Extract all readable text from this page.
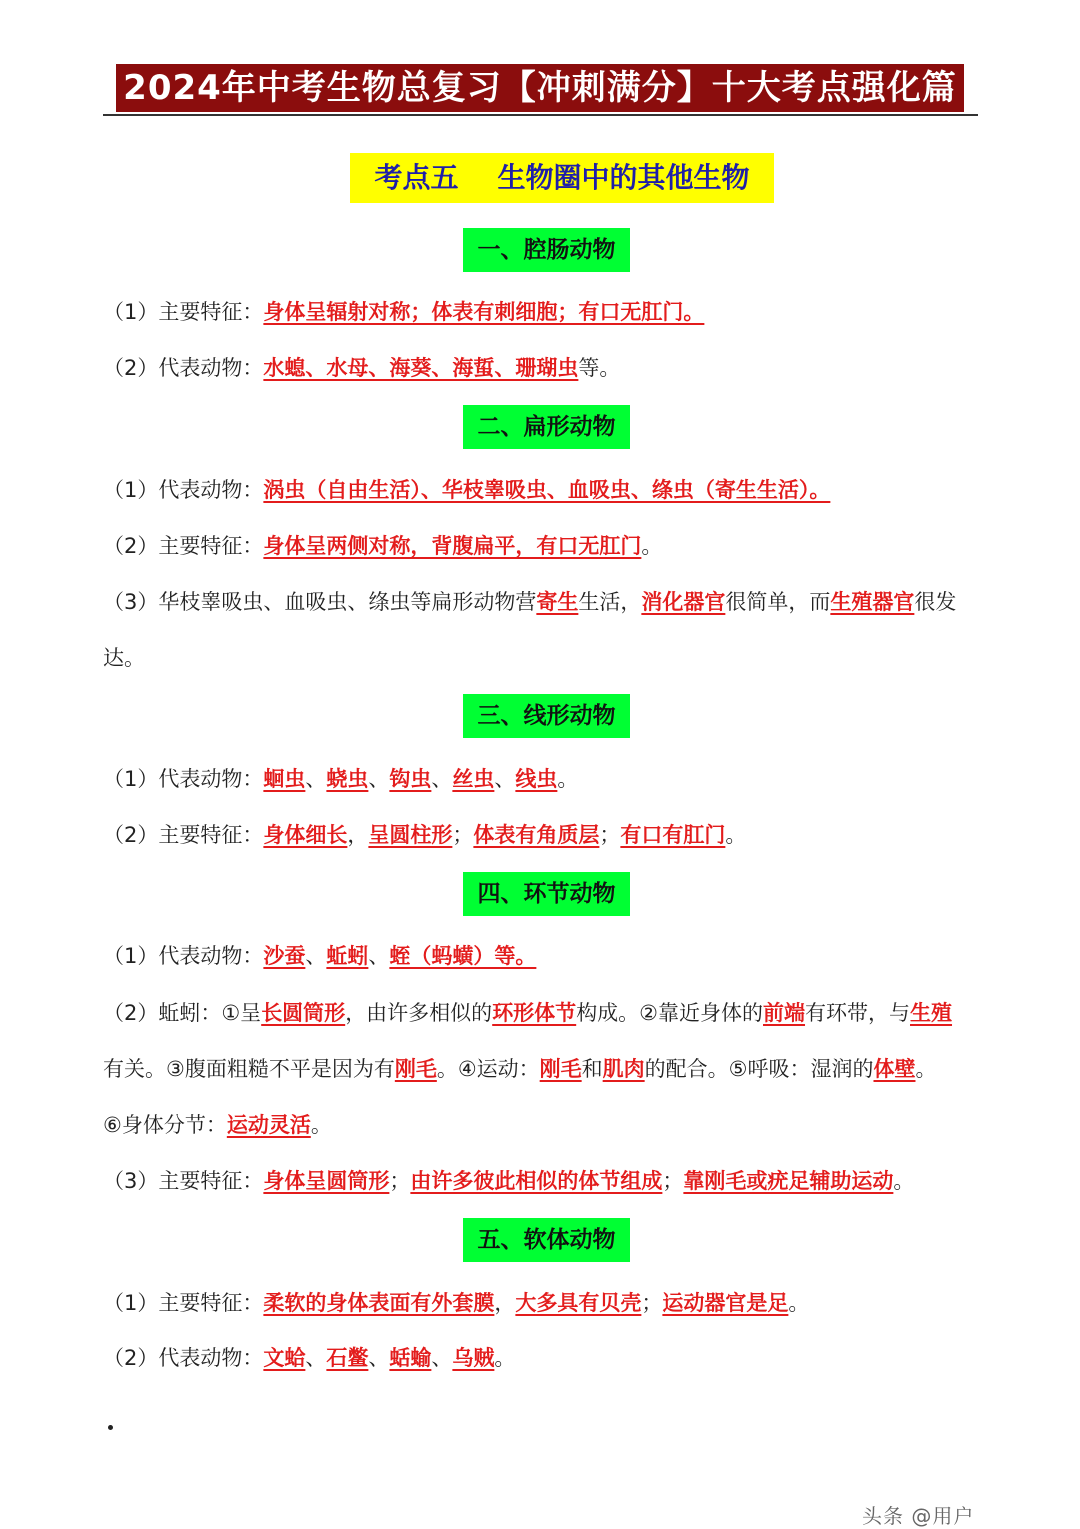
2024年中考生物总复习【冲刺满分】十大考点强化篇
考点五    生物圈中的其他生物
一、腔肠动物
（1）主要特征：身体呈辐射对称；体表有刺细胞；有口无肛门。
（2）代表动物：水螅、水母、海葵、海蜇、珊瑚虫等。
二、扁形动物
（1）代表动物：涡虫（自由生活）、华枝睾吸虫、血吸虫、绦虫（寄生生活）。
（2）主要特征：身体呈两侧对称，背腹扁平，有口无肛门。
（3）华枝睾吸虫、血吸虫、绦虫等扁形动物营寄生生活，消化器官很简单，而生殖器官很发
达。
三、线形动物
（1）代表动物：蛔虫、蛲虫、钩虫、丝虫、线虫。
（2）主要特征：身体细长，呈圆柱形；体表有角质层；有口有肛门。
四、环节动物
（1）代表动物：沙蚕、蚯蚓、蛭（蚂蟥）等。
（2）蚯蚓：①呈长圆筒形，由许多相似的环形体节构成。②靠近身体的前端有环带，与生殖
有关。③腹面粗糙不平是因为有刚毛。④运动：刚毛和肌肉的配合。⑤呼吸：湿润的体壁。
⑥身体分节：运动灵活。
（3）主要特征：身体呈圆筒形；由许多彼此相似的体节组成；靠刚毛或疣足辅助运动。
五、软体动物
（1）主要特征：柔软的身体表面有外套膜，大多具有贝壳；运动器官是足。
（2）代表动物：文蛤、石鳖、蛞蝓、乌贼。
头条 @用户
